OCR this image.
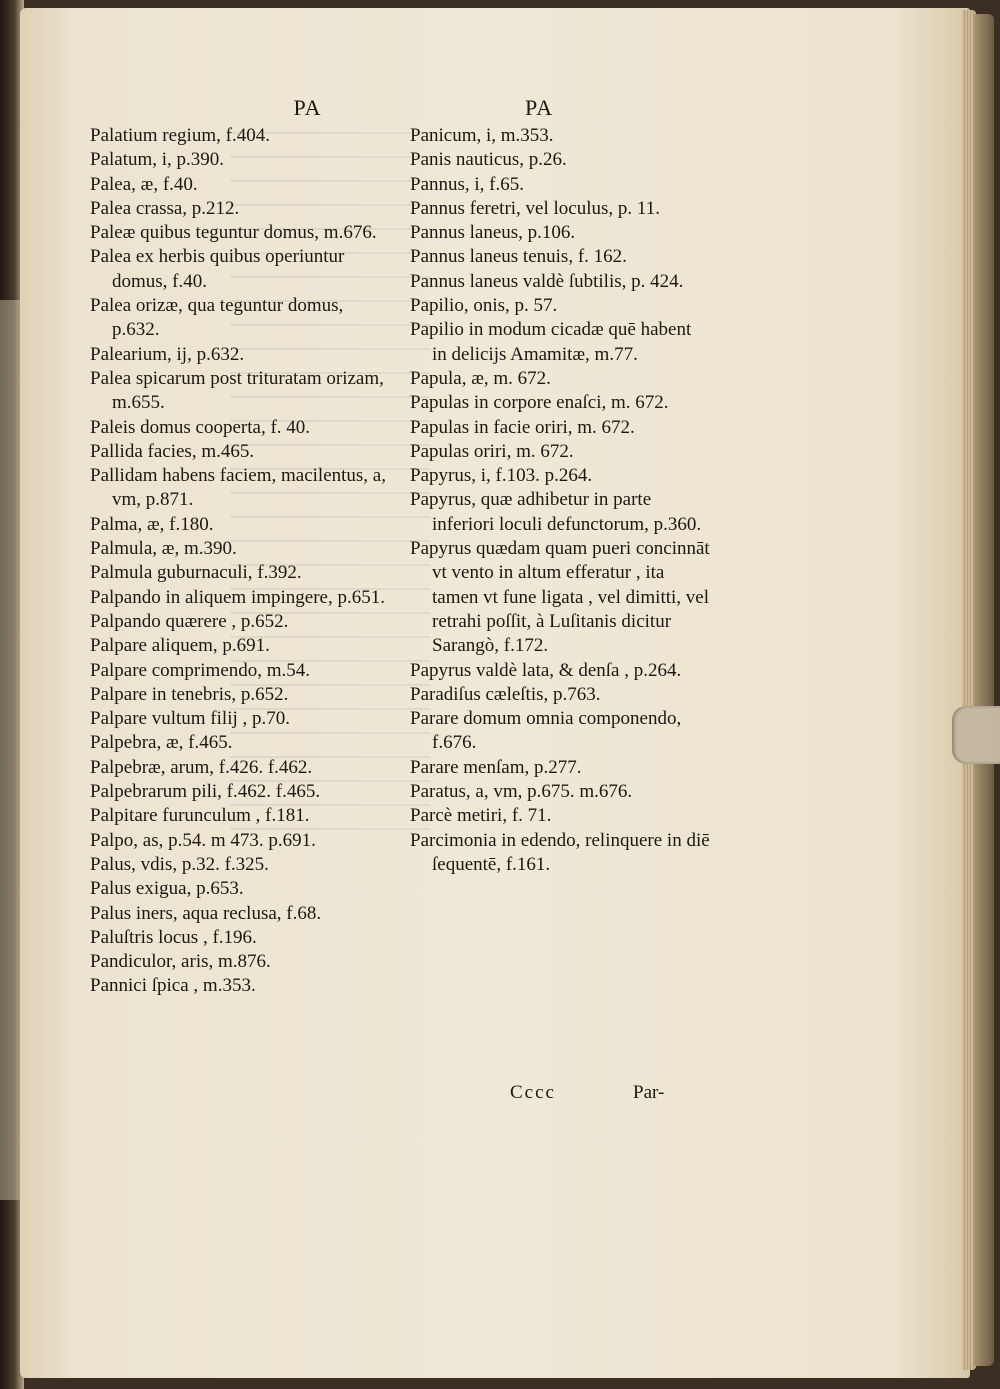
PA
Palatium regium, f.404.
Palatum, i, p.390.
Palea, æ, f.40.
Palea crassa, p.212.
Paleæ quibus teguntur domus, m.676.
Palea ex herbis quibus operiuntur domus, f.40.
Palea orizæ, qua teguntur domus, p.632.
Palearium, ij, p.632.
Palea spicarum post trituratam orizam, m.655.
Paleis domus cooperta, f. 40.
Pallida facies, m.465.
Pallidam habens faciem, macilentus, a, vm, p.871.
Palma, æ, f.180.
Palmula, æ, m.390.
Palmula guburnaculi, f.392.
Palpando in aliquem impingere, p.651.
Palpando quærere , p.652.
Palpare aliquem, p.691.
Palpare comprimendo, m.54.
Palpare in tenebris, p.652.
Palpare vultum filij , p.70.
Palpebra, æ, f.465.
Palpebræ, arum, f.426. f.462.
Palpebrarum pili, f.462. f.465.
Palpitare furunculum , f.181.
Palpo, as, p.54. m 473. p.691.
Palus, vdis, p.32. f.325.
Palus exigua, p.653.
Palus iners, aqua reclusa, f.68.
Paluſtris locus , f.196.
Pandiculor, aris, m.876.
Pannici ſpica , m.353.
PA
Panicum, i, m.353.
Panis nauticus, p.26.
Pannus, i, f.65.
Pannus feretri, vel loculus, p. 11.
Pannus laneus, p.106.
Pannus laneus tenuis, f. 162.
Pannus laneus valdè ſubtilis, p. 424.
Papilio, onis, p. 57.
Papilio in modum cicadæ quē habent in delicijs Amamitæ, m.77.
Papula, æ, m. 672.
Papulas in corpore enaſci, m. 672.
Papulas in facie oriri, m. 672.
Papulas oriri, m. 672.
Papyrus, i, f.103. p.264.
Papyrus, quæ adhibetur in parte inferiori loculi defunctorum, p.360.
Papyrus quædam quam pueri concinnāt vt vento in altum efferatur , ita tamen vt fune ligata , vel dimitti, vel retrahi poſſit, à Luſitanis dicitur Sarangò, f.172.
Papyrus valdè lata, & denſa , p.264.
Paradiſus cæleſtis, p.763.
Parare domum omnia componendo, f.676.
Parare menſam, p.277.
Paratus, a, vm, p.675. m.676.
Parcè metiri, f. 71.
Parcimonia in edendo, relinquere in diē ſequentē, f.161.
Cccc	Par-
